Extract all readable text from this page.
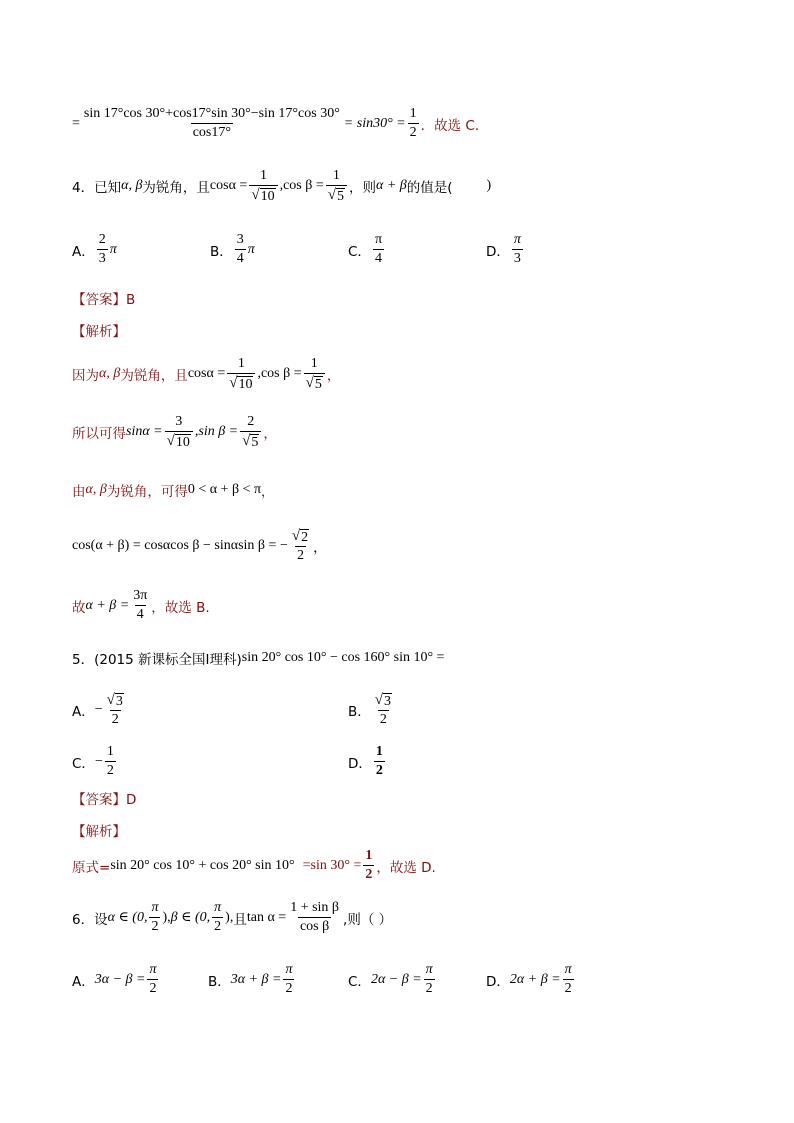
= $\frac{\sin 17^\circ\cos 30^\circ+\cos 17^\circ\sin 30^\circ-\sin 17^\circ\cos 30^\circ}{\cos 17^\circ} = \sin 30^\circ = \frac{1}{2}$ ．故选 C．
4．已知 α, β 为锐角，且 $\cos\alpha = \frac{1}{√ 10} ,\cos$ $\beta = \frac{1}{√ 5}$ ，则 α + β 的值是( )
A． $\frac{2}{3}$ π	B． $\frac{3}{4}$ π	C． $\frac{\pi}{4}$	D． $\frac{\pi}{3}$
【答案】B
【解析】
因为 α, β 为锐角，且 $\cos\alpha = \frac{1}{√ 10} ,\cos$ $\beta = \frac{1}{√ 5}$ ，
所以可得 $\sin\alpha = \frac{3}{√ 10} ,\sin$ $\beta = \frac{2}{√ 5}$ ，
由 α, β 为锐角，可得 0 < α + β < π ，
cos(α + β) = cosαcos β − sinαsin β = − $\frac{√ 2}{2}$ ，
故 $\alpha + \beta = \frac{3\pi}{4}$ ，故选 B.
5．(2015 新课标全国Ⅰ理科) sin 20° cos 10° − cos 160° sin 10° =
A． − $\frac{√ 3}{2}$	B． $\frac{√ 3}{2}$
C． − $\frac{1}{2}$	D． $\frac{1}{2}$
【答案】D
【解析】
原式= sin 20° cos 10° + cos 20° sin 10° =sin $30^\circ = \frac{1}{2}$ ，故选 D.
6．设 α ∈ (0, $\frac{\pi}{2}$ ), β ∈ (0, $\frac{\pi}{2}$ ), 且 $\tan \alpha = \frac{\text{1 + sin β}}{\text{cos β}}$ ,则（ ）
A． $3\alpha - \beta = \frac{\pi}{2}$	B． $3\alpha + \beta = \frac{\pi}{2}$	C． $2\alpha - \beta = \frac{\pi}{2}$	D． $2\alpha + \beta = \frac{\pi}{2}$
